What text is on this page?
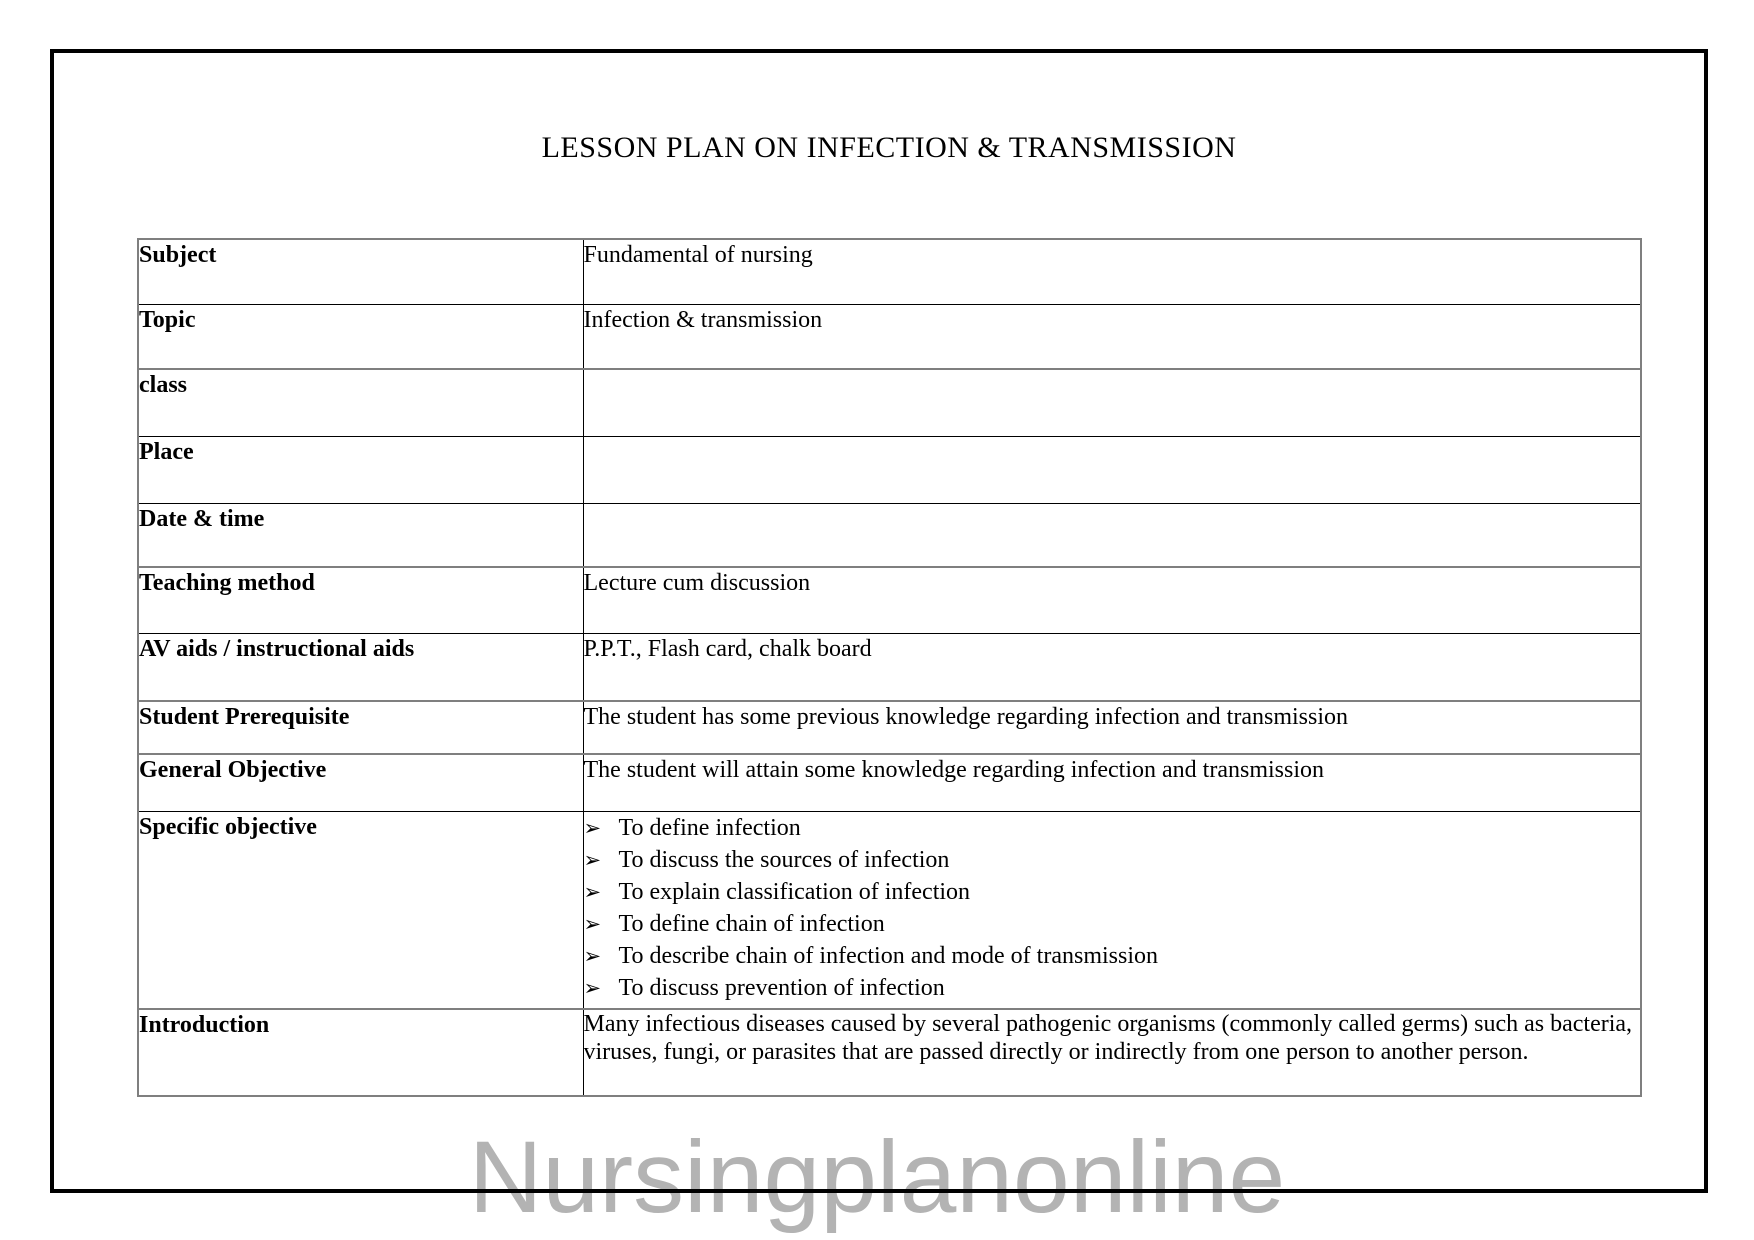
Nursingplanonline
LESSON PLAN ON INFECTION & TRANSMISSION
Subject	Fundamental of nursing
Topic	Infection & transmission
class	
Place	
Date & time	
Teaching method	Lecture cum discussion
AV aids / instructional aids	P.P.T., Flash card, chalk board
Student Prerequisite	The student has some previous knowledge regarding infection and transmission
General Objective	The student will attain some knowledge regarding infection and transmission
Specific objective	➢ To define infection
➢ To discuss the sources of infection
➢ To explain classification of infection
➢ To define chain of infection
➢ To describe chain of infection and mode of transmission
➢ To discuss prevention of infection

Introduction	Many infectious diseases caused by several pathogenic organisms (commonly called germs) such as bacteria, viruses, fungi, or parasites that are passed directly or indirectly from one person to another person.
